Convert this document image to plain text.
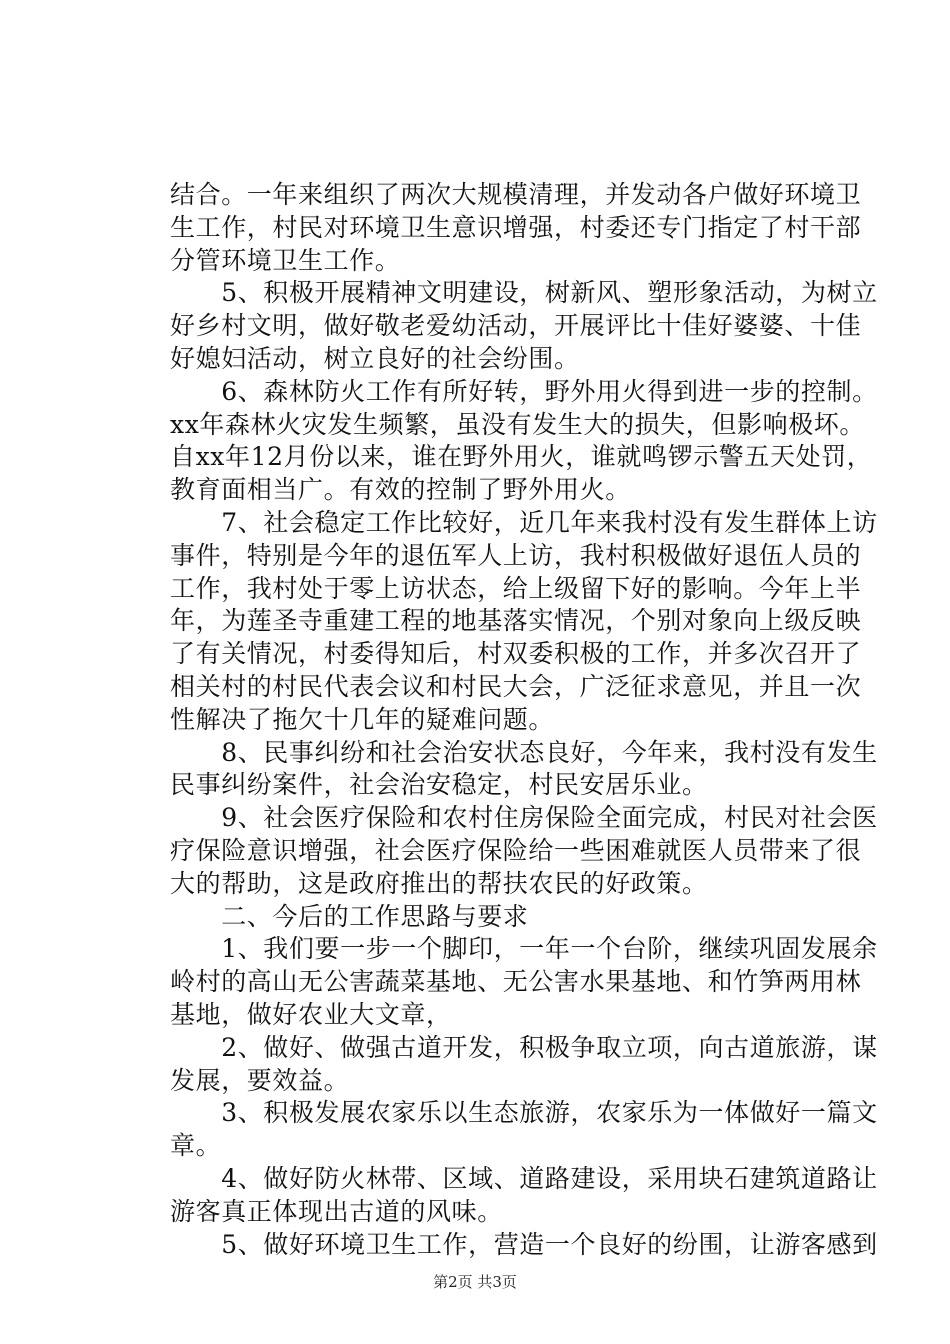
结合。一年来组织了两次大规模清理，并发动各户做好环境卫
生工作，村民对环境卫生意识增强，村委还专门指定了村干部
分管环境卫生工作。
　　5、积极开展精神文明建设，树新风、塑形象活动，为树立
好乡村文明，做好敬老爱幼活动，开展评比十佳好婆婆、十佳
好媳妇活动，树立良好的社会纷围。
　　6、森林防火工作有所好转，野外用火得到进一步的控制。
xx年森林火灾发生频繁，虽没有发生大的损失，但影响极坏。
自xx年12月份以来，谁在野外用火，谁就鸣锣示警五天处罚，
教育面相当广。有效的控制了野外用火。
　　7、社会稳定工作比较好，近几年来我村没有发生群体上访
事件，特别是今年的退伍军人上访，我村积极做好退伍人员的
工作，我村处于零上访状态，给上级留下好的影响。今年上半
年，为莲圣寺重建工程的地基落实情况，个别对象向上级反映
了有关情况，村委得知后，村双委积极的工作，并多次召开了
相关村的村民代表会议和村民大会，广泛征求意见，并且一次
性解决了拖欠十几年的疑难问题。
　　8、民事纠纷和社会治安状态良好，今年来，我村没有发生
民事纠纷案件，社会治安稳定，村民安居乐业。
　　9、社会医疗保险和农村住房保险全面完成，村民对社会医
疗保险意识增强，社会医疗保险给一些困难就医人员带来了很
大的帮助，这是政府推出的帮扶农民的好政策。
　　二、今后的工作思路与要求
　　1、我们要一步一个脚印，一年一个台阶，继续巩固发展余
岭村的高山无公害蔬菜基地、无公害水果基地、和竹笋两用林
基地，做好农业大文章，
　　2、做好、做强古道开发，积极争取立项，向古道旅游，谋
发展，要效益。
　　3、积极发展农家乐以生态旅游，农家乐为一体做好一篇文
章。
　　4、做好防火林带、区域、道路建设，采用块石建筑道路让
游客真正体现出古道的风味。
　　5、做好环境卫生工作，营造一个良好的纷围，让游客感到
第2页 共3页
